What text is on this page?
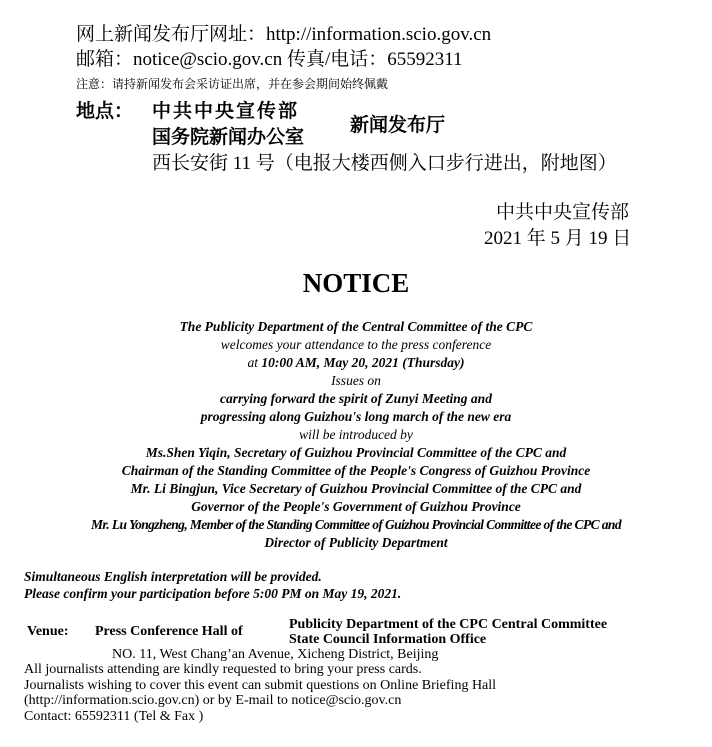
网上新闻发布厅网址：http://information.scio.gov.cn
邮箱：notice@scio.gov.cn 传真/电话：65592311
注意：请持新闻发布会采访证出席，并在参会期间始终佩戴
地点： 中共中央宣传部
国务院新闻办公室
新闻发布厅
西长安街 11 号（电报大楼西侧入口步行进出，附地图）
中共中央宣传部
2021 年 5 月 19 日
NOTICE
The Publicity Department of the Central Committee of the CPC
welcomes your attendance to the press conference
at 10:00 AM, May 20, 2021 (Thursday)
Issues on
carrying forward the spirit of Zunyi Meeting and
progressing along Guizhou's long march of the new era
will be introduced by
Ms.Shen Yiqin, Secretary of Guizhou Provincial Committee of the CPC and
Chairman of the Standing Committee of the People's Congress of Guizhou Province
Mr. Li Bingjun, Vice Secretary of Guizhou Provincial Committee of the CPC and
Governor of the People's Government of Guizhou Province
Mr. Lu Yongzheng, Member of the Standing Committee of Guizhou Provincial Committee of the CPC and
Director of Publicity Department
Simultaneous English interpretation will be provided.
Please confirm your participation before 5:00 PM on May 19, 2021.
Venue: Press Conference Hall of	Publicity Department of the CPC Central Committee
State Council Information Office
NO. 11, West Chang’an Avenue, Xicheng District, Beijing
All journalists attending are kindly requested to bring your press cards.
Journalists wishing to cover this event can submit questions on Online Briefing Hall
(http://information.scio.gov.cn) or by E-mail to notice@scio.gov.cn
Contact: 65592311 (Tel & Fax )
